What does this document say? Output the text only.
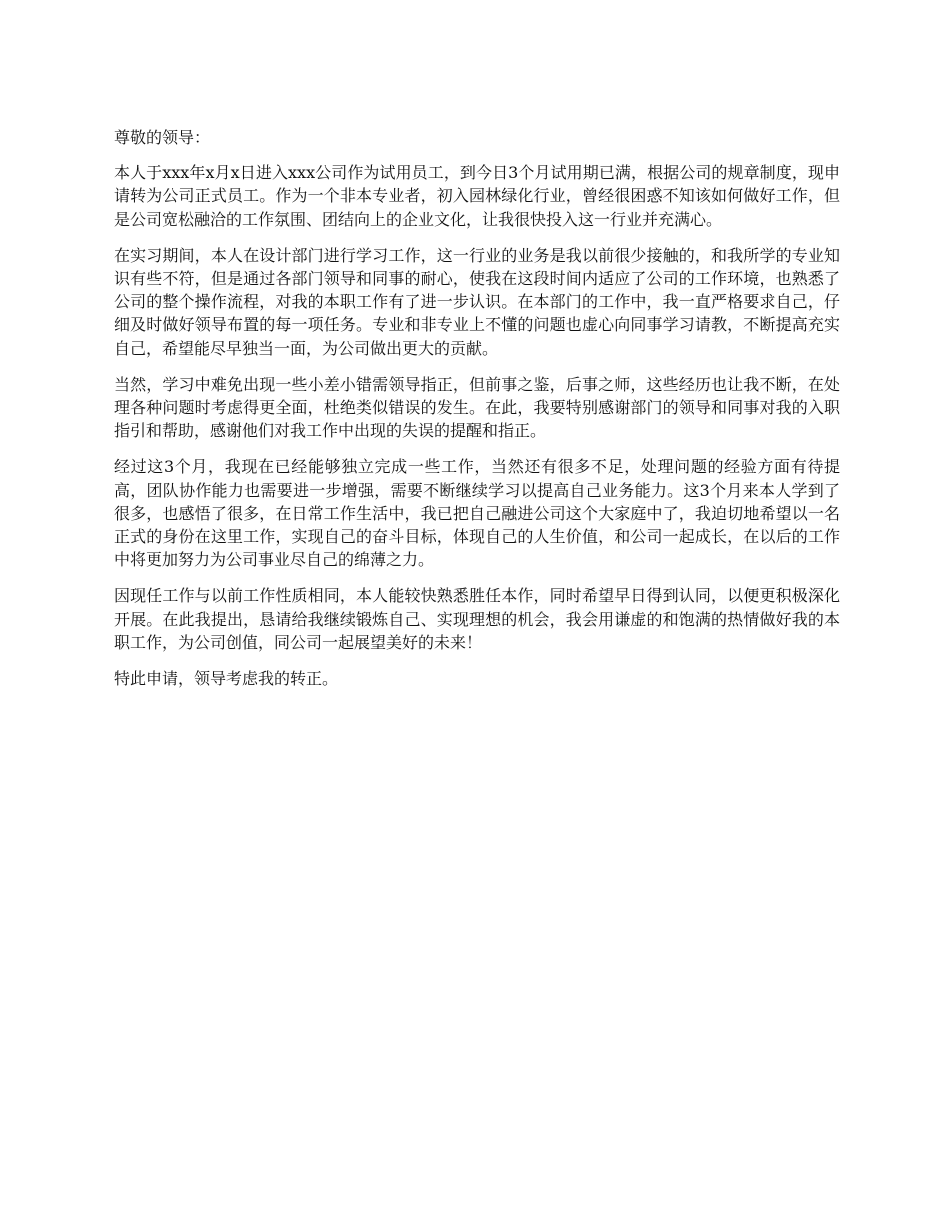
尊敬的领导：

本人于xxx年x月x日进入xxx公司作为试用员工，到今日3个月试用期已满，根据公司的规章制度，现申请转为公司正式员工。作为一个非本专业者，初入园林绿化行业，曾经很困惑不知该如何做好工作，但是公司宽松融洽的工作氛围、团结向上的企业文化，让我很快投入这一行业并充满心。

在实习期间，本人在设计部门进行学习工作，这一行业的业务是我以前很少接触的，和我所学的专业知识有些不符，但是通过各部门领导和同事的耐心，使我在这段时间内适应了公司的工作环境，也熟悉了公司的整个操作流程，对我的本职工作有了进一步认识。在本部门的工作中，我一直严格要求自己，仔细及时做好领导布置的每一项任务。专业和非专业上不懂的问题也虚心向同事学习请教，不断提高充实自己，希望能尽早独当一面，为公司做出更大的贡献。

当然，学习中难免出现一些小差小错需领导指正，但前事之鉴，后事之师，这些经历也让我不断，在处理各种问题时考虑得更全面，杜绝类似错误的发生。在此，我要特别感谢部门的领导和同事对我的入职指引和帮助，感谢他们对我工作中出现的失误的提醒和指正。

经过这3个月，我现在已经能够独立完成一些工作，当然还有很多不足，处理问题的经验方面有待提高，团队协作能力也需要进一步增强，需要不断继续学习以提高自己业务能力。这3个月来本人学到了很多，也感悟了很多，在日常工作生活中，我已把自己融进公司这个大家庭中了，我迫切地希望以一名正式的身份在这里工作，实现自己的奋斗目标，体现自己的人生价值，和公司一起成长，在以后的工作中将更加努力为公司事业尽自己的绵薄之力。

因现任工作与以前工作性质相同，本人能较快熟悉胜任本作，同时希望早日得到认同，以便更积极深化开展。在此我提出，恳请给我继续锻炼自己、实现理想的机会，我会用谦虚的和饱满的热情做好我的本职工作，为公司创值，同公司一起展望美好的未来！

特此申请，领导考虑我的转正。
